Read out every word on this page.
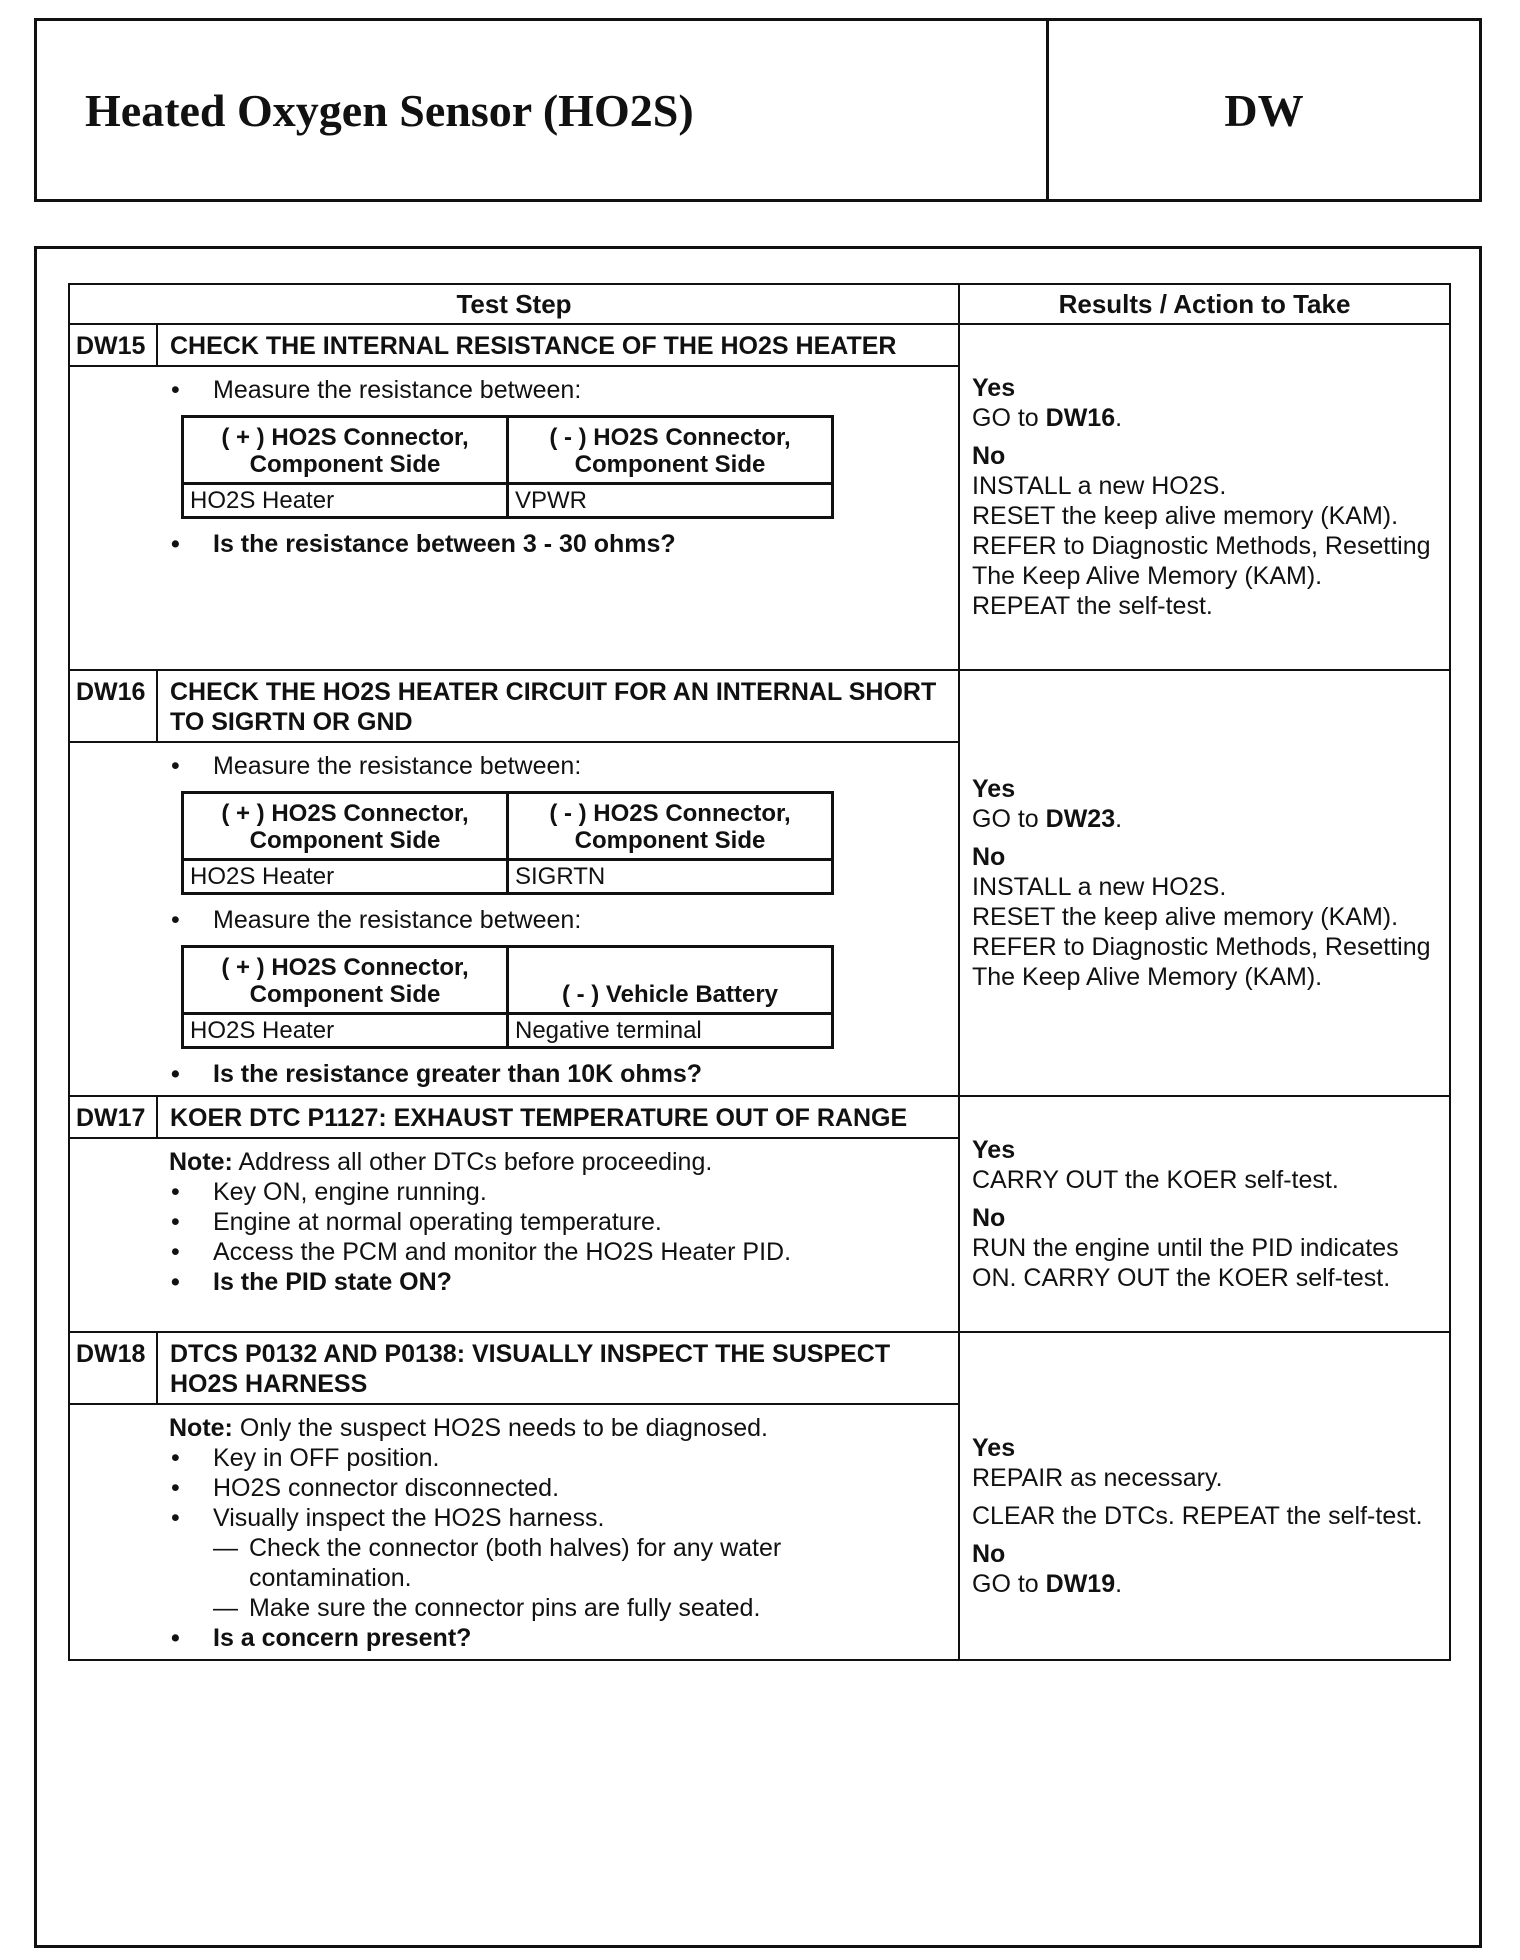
Heated Oxygen Sensor (HO2S)	DW
Test Step	Results / Action to Take
DW15	CHECK THE INTERNAL RESISTANCE OF THE HO2S HEATER	
Yes
GO to DW16.
No
INSTALL a new HO2S.
RESET the keep alive memory (KAM). REFER to Diagnostic Methods, Resetting The Keep Alive Memory (KAM).
REPEAT the self-test.

• Measure the resistance between:
( + ) HO2S Connector, Component Side	( - ) HO2S Connector, Component Side
HO2S Heater	VPWR
• Is the resistance between 3 - 30 ohms?

DW16	CHECK THE HO2S HEATER CIRCUIT FOR AN INTERNAL SHORT TO SIGRTN OR GND	
Yes
GO to DW23.
No
INSTALL a new HO2S.
RESET the keep alive memory (KAM). REFER to Diagnostic Methods, Resetting The Keep Alive Memory (KAM).

• Measure the resistance between:
( + ) HO2S Connector, Component Side	( - ) HO2S Connector, Component Side
HO2S Heater	SIGRTN
• Measure the resistance between:
( + ) HO2S Connector, Component Side	( - ) Vehicle Battery
HO2S Heater	Negative terminal
• Is the resistance greater than 10K ohms?

DW17	KOER DTC P1127: EXHAUST TEMPERATURE OUT OF RANGE	
Yes
CARRY OUT the KOER self-test.
No
RUN the engine until the PID indicates ON. CARRY OUT the KOER self-test.

Note: Address all other DTCs before proceeding.
• Key ON, engine running.
• Engine at normal operating temperature.
• Access the PCM and monitor the HO2S Heater PID.
• Is the PID state ON?

DW18	DTCS P0132 AND P0138: VISUALLY INSPECT THE SUSPECT HO2S HARNESS	
Yes
REPAIR as necessary.
CLEAR the DTCs. REPEAT the self-test.
No
GO to DW19.

Note: Only the suspect HO2S needs to be diagnosed.
• Key in OFF position.
• HO2S connector disconnected.
• Visually inspect the HO2S harness.
— Check the connector (both halves) for any water contamination.
— Make sure the connector pins are fully seated.
• Is a concern present?
